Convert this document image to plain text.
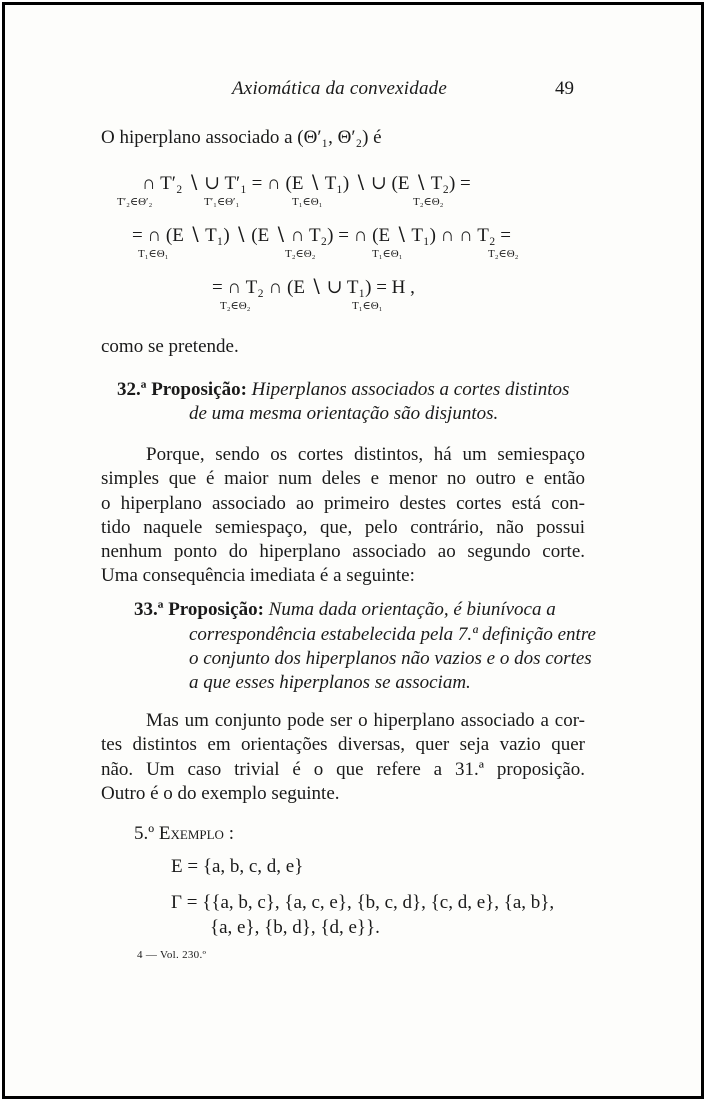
Axiomática da convexidade	49
O hiperplano associado a (Θ′₁, Θ′₂) é
∩ T′₂ ∖ ∪ T′₁ = ∩ (E ∖ T₁) ∖ ∪ (E ∖ T₂) =
T′₂∈Θ′₂	T′₁∈Θ′₁	T₁∈Θ₁	T₂∈Θ₂
= ∩ (E ∖ T₁) ∖ (E ∖ ∩ T₂) = ∩ (E ∖ T₁) ∩ ∩ T₂ =
T₁∈Θ₁	T₂∈Θ₂	T₁∈Θ₁	T₂∈Θ₂
= ∩ T₂ ∩ (E ∖ ∪ T₁) = H ,
T₂∈Θ₂	T₁∈Θ₁
como se pretende.
32.ª Proposição: Hiperplanos associados a cortes distintos
de uma mesma orientação são disjuntos.
Porque, sendo os cortes distintos, há um semiespaço
simples que é maior num deles e menor no outro e então
o hiperplano associado ao primeiro destes cortes está con-
tido naquele semiespaço, que, pelo contrário, não possui
nenhum ponto do hiperplano associado ao segundo corte.
Uma consequência imediata é a seguinte:
33.ª Proposição: Numa dada orientação, é biunívoca a
correspondência estabelecida pela 7.ª definição entre
o conjunto dos hiperplanos não vazios e o dos cortes
a que esses hiperplanos se associam.
Mas um conjunto pode ser o hiperplano associado a cor-
tes distintos em orientações diversas, quer seja vazio quer
não. Um caso trivial é o que refere a 31.ª proposição.
Outro é o do exemplo seguinte.
5.º Exemplo :
E = {a, b, c, d, e}
Γ = {{a, b, c}, {a, c, e}, {b, c, d}, {c, d, e}, {a, b},
{a, e}, {b, d}, {d, e}}.
4 — Vol. 230.º
